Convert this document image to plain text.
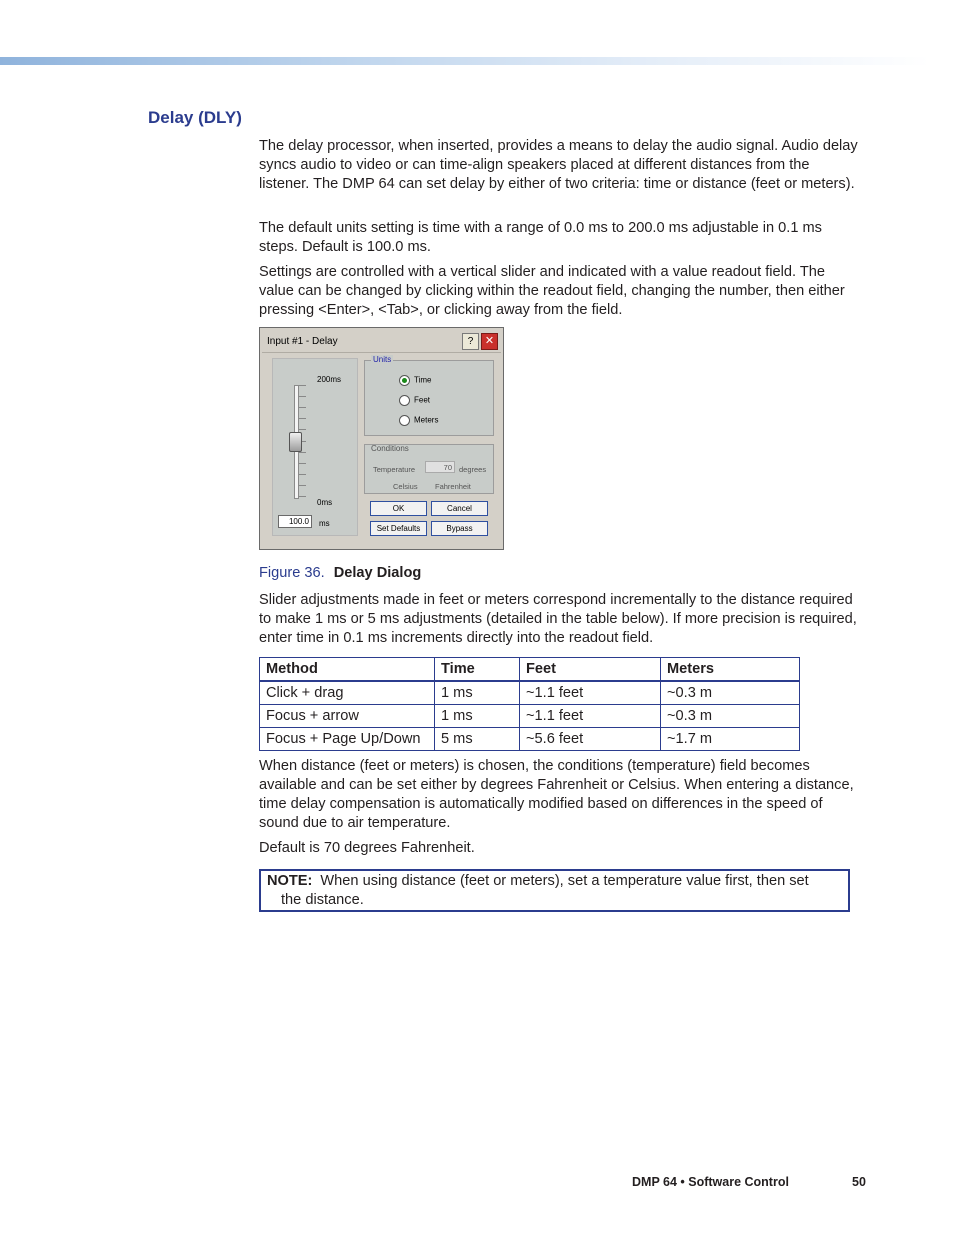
Delay (DLY)

The delay processor, when inserted, provides a means to delay the audio signal. Audio delay syncs audio to video or can time-align speakers placed at different distances from the listener. The DMP 64 can set delay by either of two criteria: time or distance (feet or meters).

The default units setting is time with a range of 0.0 ms to 200.0 ms adjustable in 0.1 ms steps. Default is 100.0 ms.

Settings are controlled with a vertical slider and indicated with a value readout field. The value can be changed by clicking within the readout field, changing the number, then either pressing <Enter>, <Tab>, or clicking away from the field.

Input #1 - Delay	?	✕
200ms
0ms
100.0	ms
Units
Time
Feet
Meters
Conditions
Temperature	70 degrees
Celsius Fahrenheit
OK	Cancel
Set Defaults	Bypass
Figure 36. Delay Dialog

Slider adjustments made in feet or meters correspond incrementally to the distance required to make 1 ms or 5 ms adjustments (detailed in the table below). If more precision is required, enter time in 0.1 ms increments directly into the readout field.

Method	Time	Feet	Meters
Click + drag	1 ms	~1.1 feet	~0.3 m
Focus + arrow	1 ms	~1.1 feet	~0.3 m
Focus + Page Up/Down	5 ms	~5.6 feet	~1.7 m

When distance (feet or meters) is chosen, the conditions (temperature) field becomes available and can be set either by degrees Fahrenheit or Celsius. When entering a distance, time delay compensation is automatically modified based on differences in the speed of sound due to air temperature.

Default is 70 degrees Fahrenheit.

NOTE: When using distance (feet or meters), set a temperature value first, then set
the distance.
DMP 64 • Software Control	50
